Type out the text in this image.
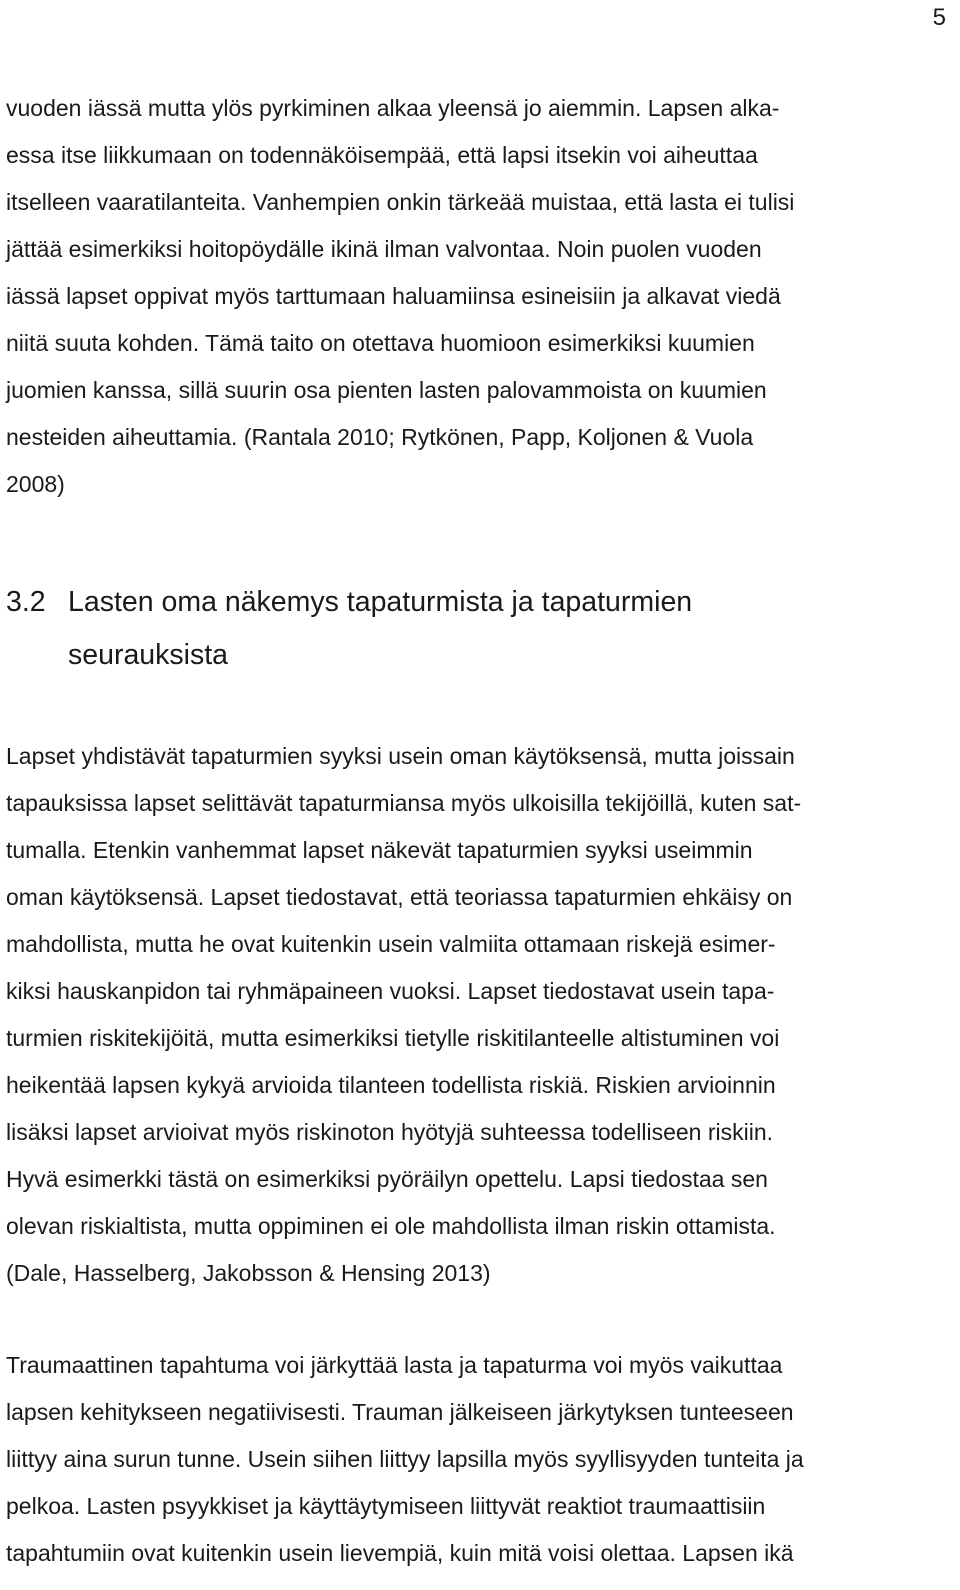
5
vuoden iässä mutta ylös pyrkiminen alkaa yleensä jo aiemmin. Lapsen alka-
essa itse liikkumaan on todennäköisempää, että lapsi itsekin voi aiheuttaa
itselleen vaaratilanteita. Vanhempien onkin tärkeää muistaa, että lasta ei tulisi
jättää esimerkiksi hoitopöydälle ikinä ilman valvontaa. Noin puolen vuoden
iässä lapset oppivat myös tarttumaan haluamiinsa esineisiin ja alkavat viedä
niitä suuta kohden. Tämä taito on otettava huomioon esimerkiksi kuumien
juomien kanssa, sillä suurin osa pienten lasten palovammoista on kuumien
nesteiden aiheuttamia. (Rantala 2010; Rytkönen, Papp, Koljonen & Vuola
2008)
3.2 Lasten oma näkemys tapaturmista ja tapaturmien
seurauksista
Lapset yhdistävät tapaturmien syyksi usein oman käytöksensä, mutta joissain
tapauksissa lapset selittävät tapaturmiansa myös ulkoisilla tekijöillä, kuten sat-
tumalla. Etenkin vanhemmat lapset näkevät tapaturmien syyksi useimmin
oman käytöksensä. Lapset tiedostavat, että teoriassa tapaturmien ehkäisy on
mahdollista, mutta he ovat kuitenkin usein valmiita ottamaan riskejä esimer-
kiksi hauskanpidon tai ryhmäpaineen vuoksi. Lapset tiedostavat usein tapa-
turmien riskitekijöitä, mutta esimerkiksi tietylle riskitilanteelle altistuminen voi
heikentää lapsen kykyä arvioida tilanteen todellista riskiä. Riskien arvioinnin
lisäksi lapset arvioivat myös riskinoton hyötyjä suhteessa todelliseen riskiin.
Hyvä esimerkki tästä on esimerkiksi pyöräilyn opettelu. Lapsi tiedostaa sen
olevan riskialtista, mutta oppiminen ei ole mahdollista ilman riskin ottamista.
(Dale, Hasselberg, Jakobsson & Hensing 2013)
Traumaattinen tapahtuma voi järkyttää lasta ja tapaturma voi myös vaikuttaa
lapsen kehitykseen negatiivisesti. Trauman jälkeiseen järkytyksen tunteeseen
liittyy aina surun tunne. Usein siihen liittyy lapsilla myös syyllisyyden tunteita ja
pelkoa. Lasten psyykkiset ja käyttäytymiseen liittyvät reaktiot traumaattisiin
tapahtumiin ovat kuitenkin usein lievempiä, kuin mitä voisi olettaa. Lapsen ikä
